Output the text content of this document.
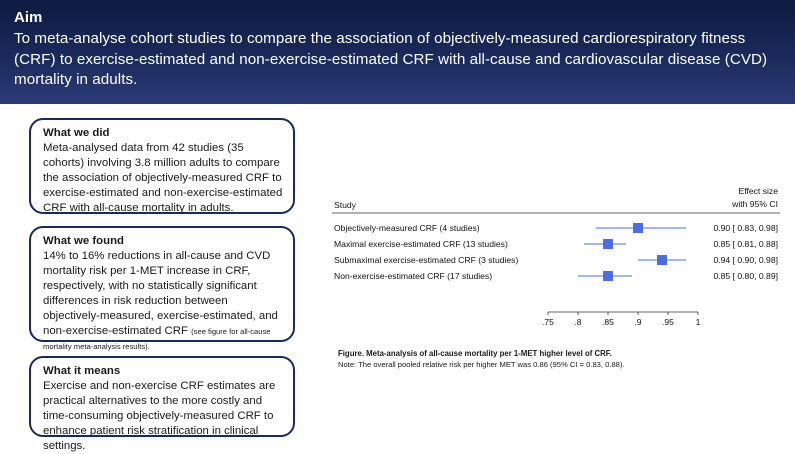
Aim
To meta-analyse cohort studies to compare the association of objectively-measured cardiorespiratory fitness (CRF) to exercise-estimated and non-exercise-estimated CRF with all-cause and cardiovascular disease (CVD) mortality in adults.
What we did
Meta-analysed data from 42 studies (35 cohorts) involving 3.8 million adults to compare the association of objectively-measured CRF to exercise-estimated and non-exercise-estimated CRF with all-cause mortality in adults.
What we found
14% to 16% reductions in all-cause and CVD mortality risk per 1-MET increase in CRF, respectively, with no statistically significant differences in risk reduction between objectively-measured, exercise-estimated, and non-exercise-estimated CRF (see figure for all-cause mortality meta-analysis results).
What it means
Exercise and non-exercise CRF estimates are practical alternatives to the more costly and time-consuming objectively-measured CRF to enhance patient risk stratification in clinical settings.
Study
Effect size
with 95% CI
Objectively-measured CRF (4 studies)	0.90 [ 0.83, 0.98]
Maximal exercise-estimated CRF (13 studies)	0.85 [ 0.81, 0.88]
Submaximal exercise-estimated CRF (3 studies)	0.94 [ 0.90, 0.98]
Non-exercise-estimated CRF (17 studies)	0.85 [ 0.80, 0.89]
.75 .8 .85 .9 .95	1
Figure. Meta-analysis of all-cause mortality per 1-MET higher level of CRF.
Note: The overall pooled relative risk per higher MET was 0.86 (95% CI = 0.83, 0.88).
